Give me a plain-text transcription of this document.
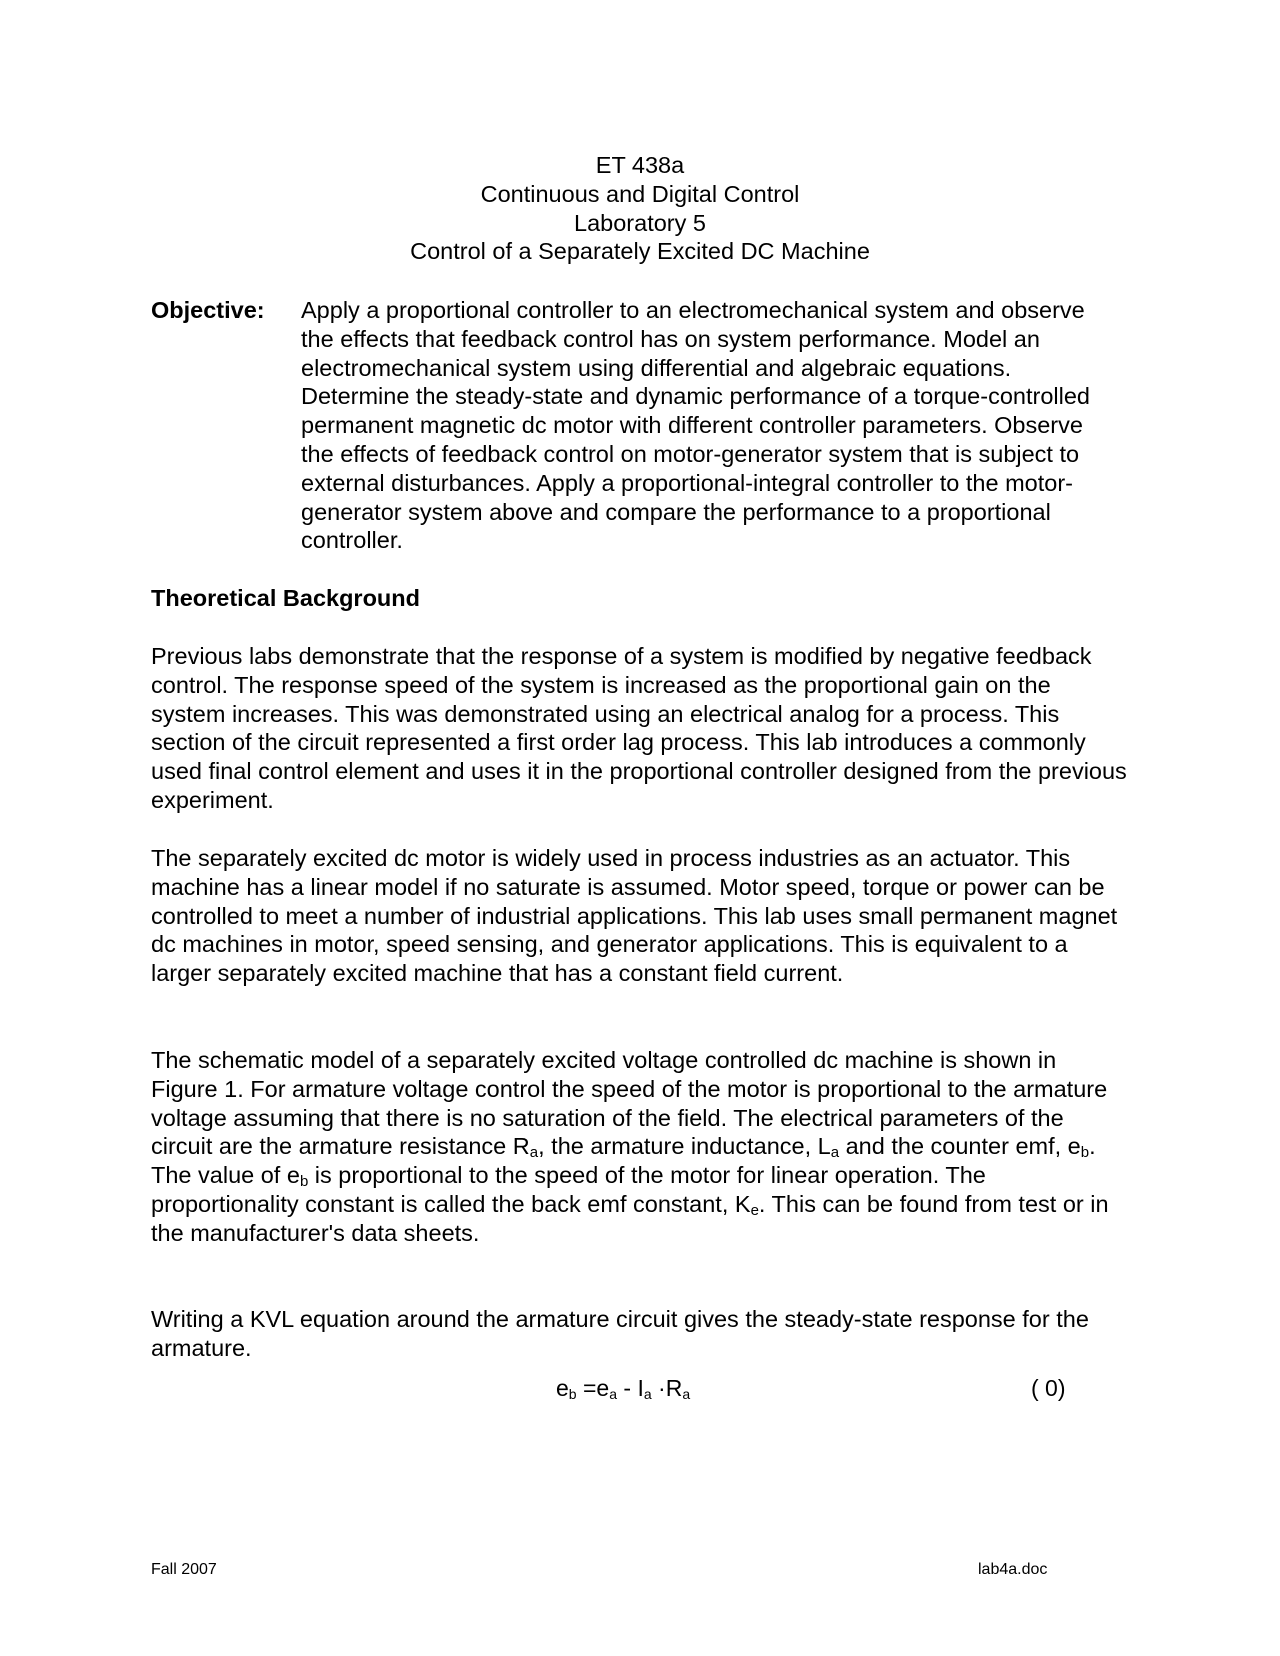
ET 438a
Continuous and Digital Control
Laboratory 5
Control of a Separately Excited DC Machine
Objective: Apply a proportional controller to an electromechanical system and observe the effects that feedback control has on system performance. Model an electromechanical system using differential and algebraic equations. Determine the steady-state and dynamic performance of a torque-controlled permanent magnetic dc motor with different controller parameters. Observe the effects of feedback control on motor-generator system that is subject to external disturbances. Apply a proportional-integral controller to the motor-generator system above and compare the performance to a proportional controller.
Theoretical Background
Previous labs demonstrate that the response of a system is modified by negative feedback control. The response speed of the system is increased as the proportional gain on the system increases. This was demonstrated using an electrical analog for a process. This section of the circuit represented a first order lag process. This lab introduces a commonly used final control element and uses it in the proportional controller designed from the previous experiment.
The separately excited dc motor is widely used in process industries as an actuator. This machine has a linear model if no saturate is assumed. Motor speed, torque or power can be controlled to meet a number of industrial applications. This lab uses small permanent magnet dc machines in motor, speed sensing, and generator applications. This is equivalent to a larger separately excited machine that has a constant field current.
The schematic model of a separately excited voltage controlled dc machine is shown in Figure 1. For armature voltage control the speed of the motor is proportional to the armature voltage assuming that there is no saturation of the field. The electrical parameters of the circuit are the armature resistance $R_a$, the armature inductance, $L_a$ and the counter emf, $e_b$. The value of $e_b$ is proportional to the speed of the motor for linear operation. The proportionality constant is called the back emf constant, $K_e$. This can be found from test or in the manufacturer's data sheets.
Writing a KVL equation around the armature circuit gives the steady-state response for the armature.
$e_b =e_a - I_a \cdot R_a$	( 0)
Fall 2007	lab4a.doc
